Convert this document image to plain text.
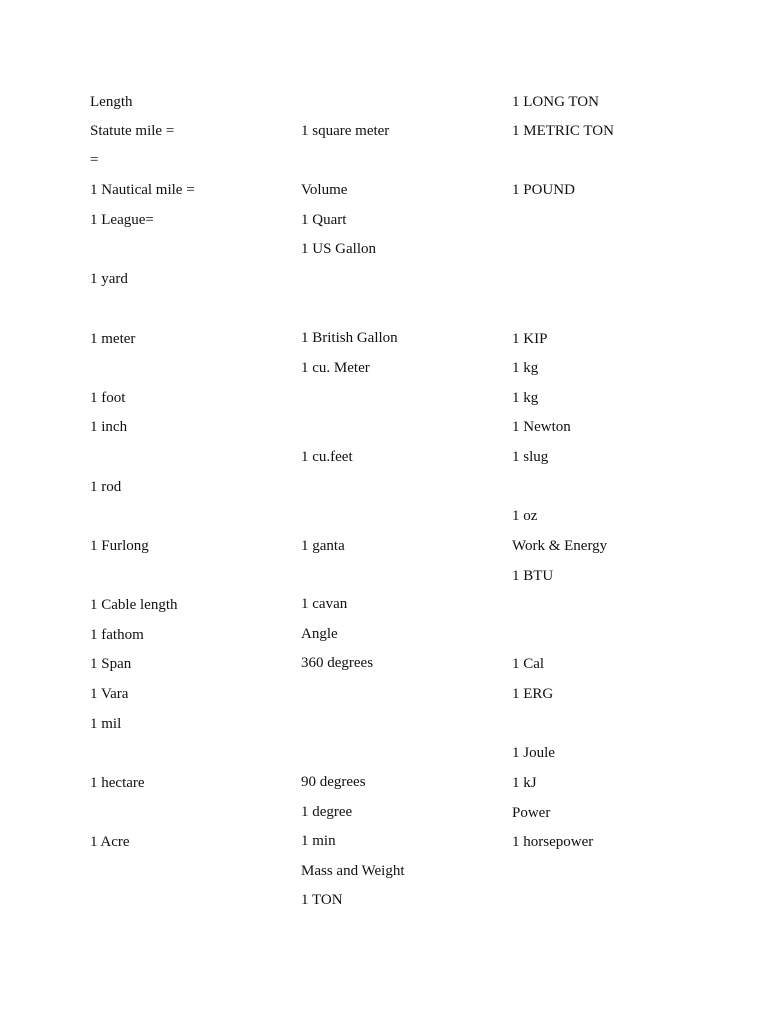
Length
Statute mile =
=
1 Nautical mile =
1 League=
1 yard
1 meter
1 foot
1 inch
1 rod
1 Furlong
1 Cable length
1 fathom
1 Span
1 Vara
1 mil
1 hectare
1 Acre
1 square meter
Volume
1 Quart
1 US Gallon
1 British Gallon
1 cu. Meter
1 cu.feet
1 ganta
1 cavan
Angle
360 degrees
90 degrees
1 degree
1 min
Mass and Weight
1 TON
1 LONG TON
1 METRIC TON
1 POUND
1 KIP
1 kg
1 kg
1 Newton
1 slug
1 oz
Work & Energy
1 BTU
1 Cal
1 ERG
1 Joule
1 kJ
Power
1 horsepower
